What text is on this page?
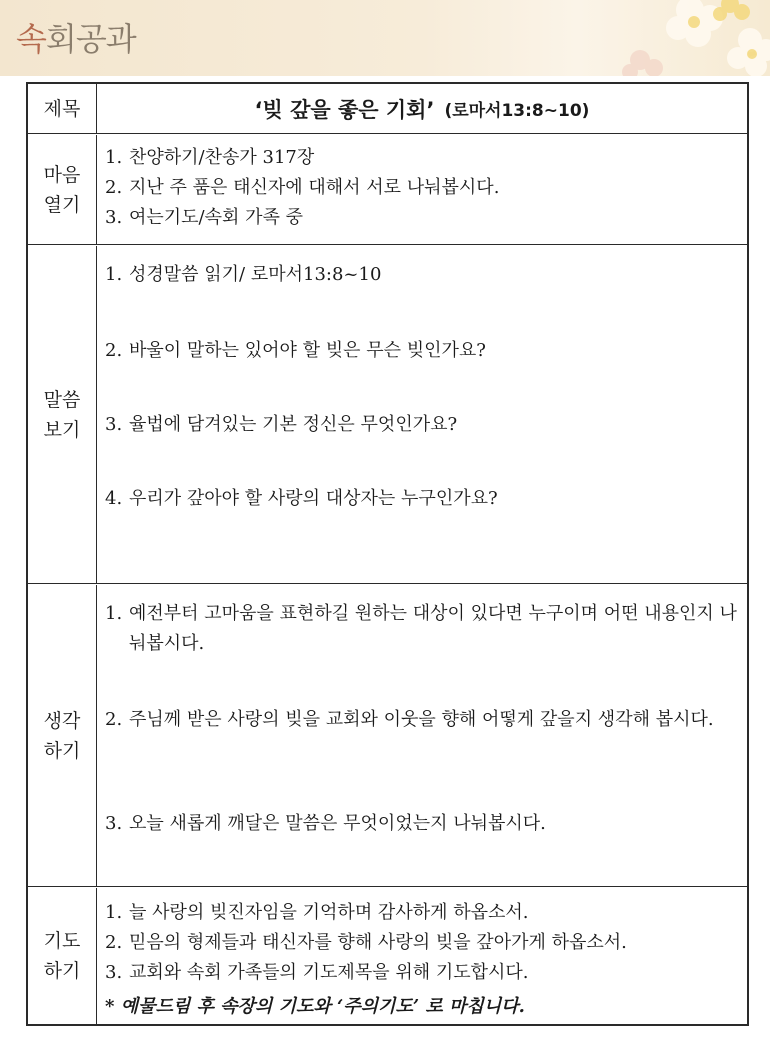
속회공과
제목	‘빚 갚을 좋은 기회’ (로마서13:8~10)
마음
열기
1. 찬양하기/찬송가 317장
2. 지난 주 품은 태신자에 대해서 서로 나눠봅시다.
3. 여는기도/속회 가족 중
말씀
보기
1. 성경말씀 읽기/ 로마서13:8~10
2. 바울이 말하는 있어야 할 빚은 무슨 빚인가요?
3. 율법에 담겨있는 기본 정신은 무엇인가요?
4. 우리가 갚아야 할 사랑의 대상자는 누구인가요?
생각
하기
1. 예전부터 고마움을 표현하길 원하는 대상이 있다면 누구이며 어떤 내용인지 나눠봅시다.
2. 주님께 받은 사랑의 빚을 교회와 이웃을 향해 어떻게 갚을지 생각해 봅시다.
3. 오늘 새롭게 깨달은 말씀은 무엇이었는지 나눠봅시다.
기도
하기
1. 늘 사랑의 빚진자임을 기억하며 감사하게 하옵소서.
2. 믿음의 형제들과 태신자를 향해 사랑의 빚을 갚아가게 하옵소서.
3. 교회와 속회 가족들의 기도제목을 위해 기도합시다.
* 예물드림 후 속장의 기도와 ‘주의기도’ 로 마칩니다.
